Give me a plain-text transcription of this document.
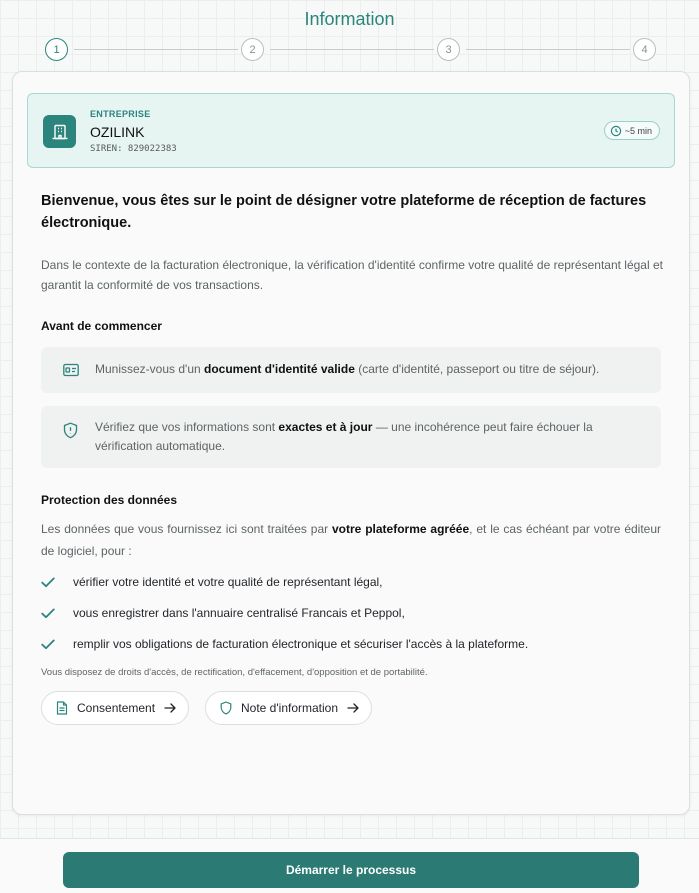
Information
1	2	3	4
ENTREPRISE
OZILINK
SIREN: 829022383
~5 min
Bienvenue, vous êtes sur le point de désigner votre plateforme de réception de factures électronique.
Dans le contexte de la facturation électronique, la vérification d'identité confirme votre qualité de représentant légal et garantit la conformité de vos transactions.
Avant de commencer
Munissez-vous d'un document d'identité valide (carte d'identité, passeport ou titre de séjour).
Vérifiez que vos informations sont exactes et à jour — une incohérence peut faire échouer la vérification automatique.
Protection des données
Les données que vous fournissez ici sont traitées par votre plateforme agréée, et le cas échéant par votre éditeur de logiciel, pour :
vérifier votre identité et votre qualité de représentant légal,
vous enregistrer dans l'annuaire centralisé Francais et Peppol,
remplir vos obligations de facturation électronique et sécuriser l'accès à la plateforme.
Vous disposez de droits d'accès, de rectification, d'effacement, d'opposition et de portabilité.
Consentement	Note d'information
Démarrer le processus
